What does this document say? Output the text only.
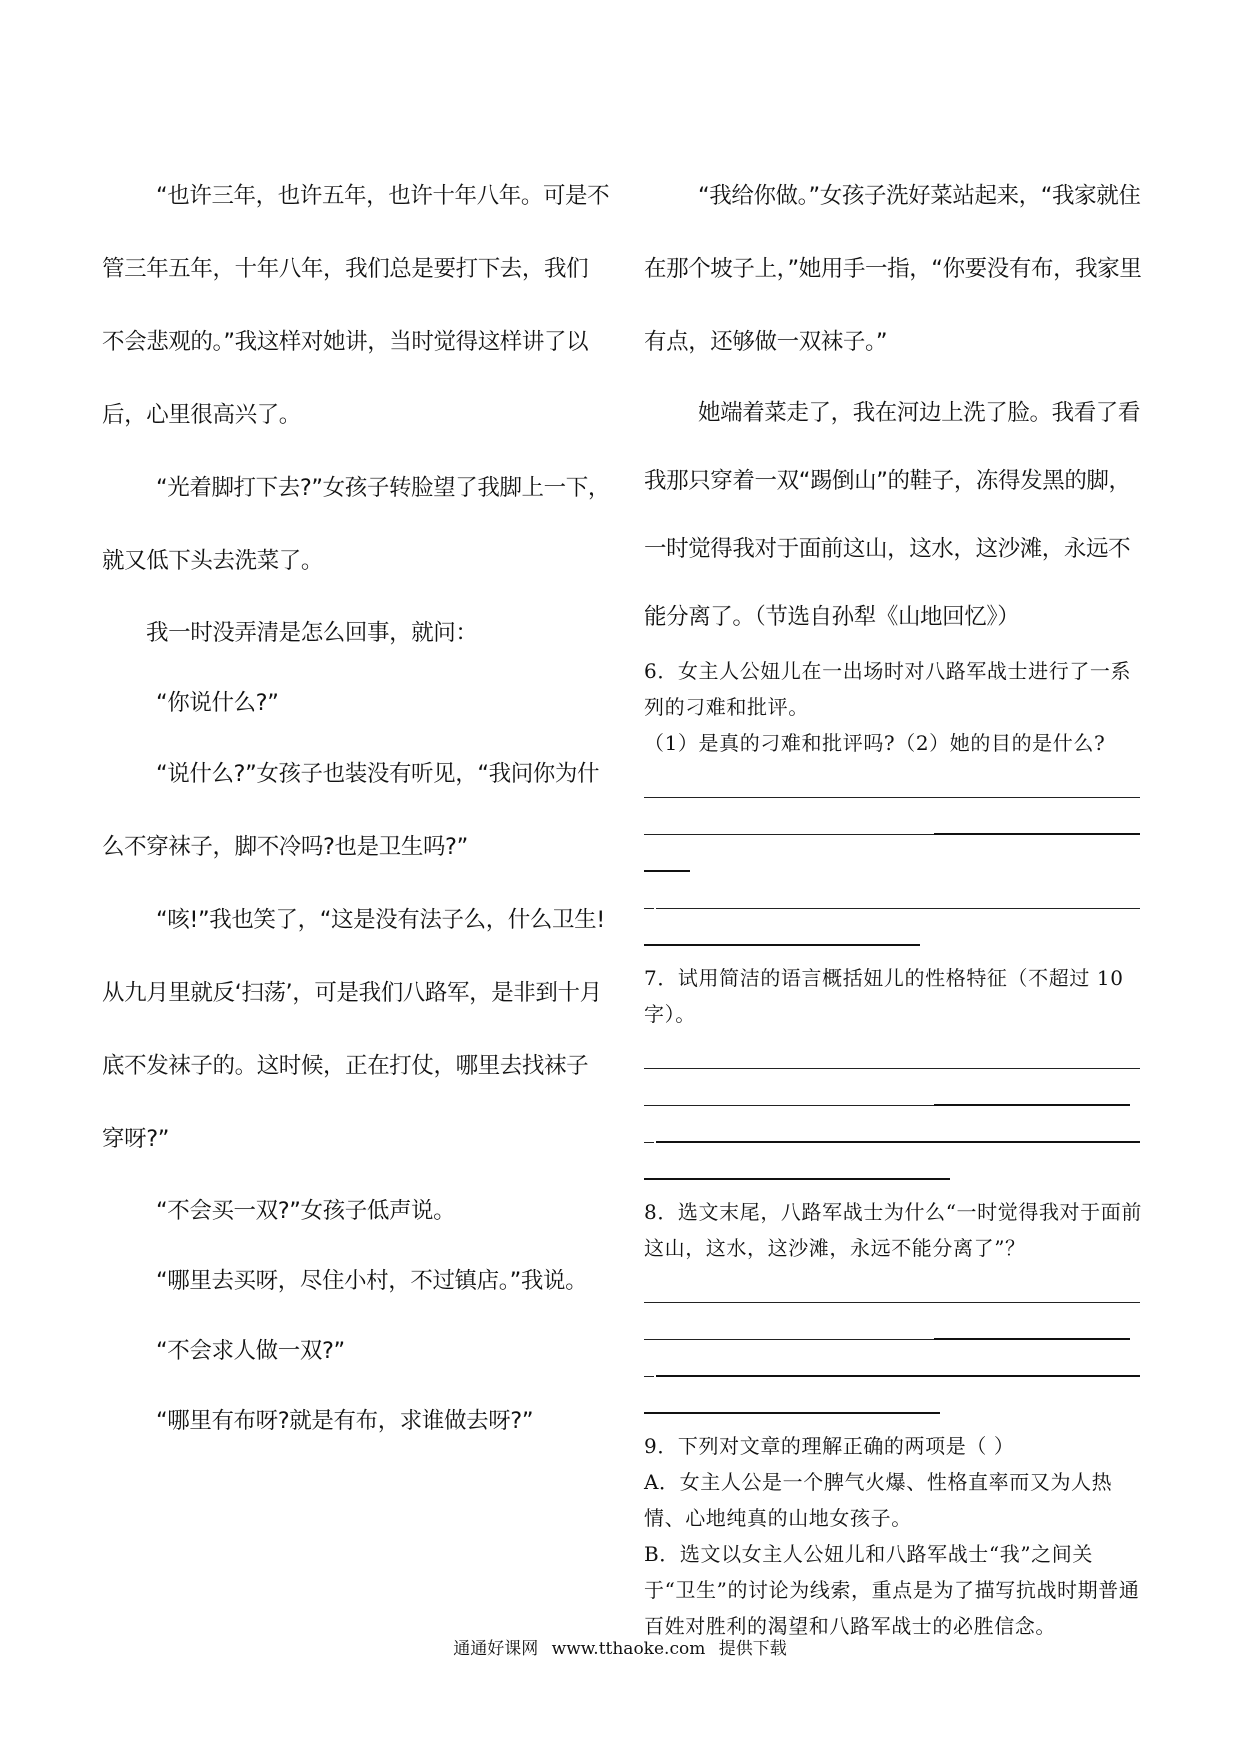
“也许三年，也许五年，也许十年八年。可是不管三年五年，十年八年，我们总是要打下去，我们不会悲观的。”我这样对她讲，当时觉得这样讲了以后，心里很高兴了。

“光着脚打下去?”女孩子转脸望了我脚上一下，就又低下头去洗菜了。

我一时没弄清是怎么回事，就问：

“你说什么?”

“说什么?”女孩子也装没有听见，“我问你为什么不穿袜子，脚不冷吗?也是卫生吗?”

“咳!”我也笑了，“这是没有法子么，什么卫生!从九月里就反‘扫荡’，可是我们八路军，是非到十月底不发袜子的。这时候，正在打仗，哪里去找袜子穿呀?”

“不会买一双?”女孩子低声说。

“哪里去买呀，尽住小村，不过镇店。”我说。

“不会求人做一双?”

“哪里有布呀?就是有布，求谁做去呀?”

“我给你做。”女孩子洗好菜站起来，“我家就住在那个坡子上，”她用手一指，“你要没有布，我家里有点，还够做一双袜子。”

她端着菜走了，我在河边上洗了脸。我看了看我那只穿着一双“踢倒山”的鞋子，冻得发黑的脚，一时觉得我对于面前这山，这水，这沙滩，永远不能分离了。（节选自孙犁《山地回忆》）

6．女主人公妞儿在一出场时对八路军战士进行了一系列的刁难和批评。

（1）是真的刁难和批评吗?（2）她的目的是什么?

7．试用简洁的语言概括妞儿的性格特征（不超过 10 字）。

8．选文末尾，八路军战士为什么“一时觉得我对于面前这山，这水，这沙滩，永远不能分离了”？

9．下列对文章的理解正确的两项是（ ）

A．女主人公是一个脾气火爆、性格直率而又为人热情、心地纯真的山地女孩子。

B．选文以女主人公妞儿和八路军战士“我”之间关于“卫生”的讨论为线索，重点是为了描写抗战时期普通百姓对胜利的渴望和八路军战士的必胜信念。

通通好课网 www.tthaoke.com 提供下载
